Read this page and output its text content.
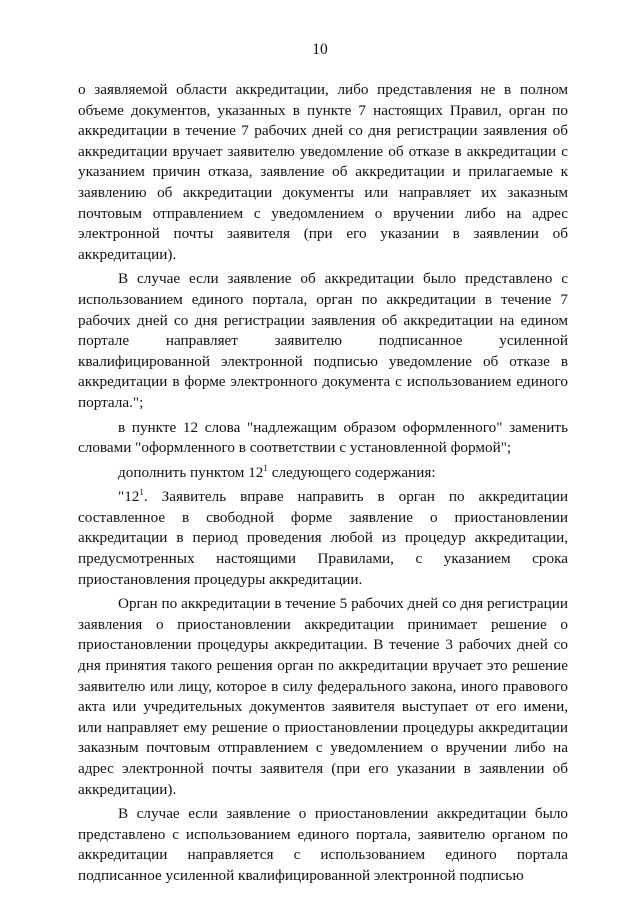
10

о заявляемой области аккредитации, либо представления не в полном объеме документов, указанных в пункте 7 настоящих Правил, орган по аккредитации в течение 7 рабочих дней со дня регистрации заявления об аккредитации вручает заявителю уведомление об отказе в аккредитации с указанием причин отказа, заявление об аккредитации и прилагаемые к заявлению об аккредитации документы или направляет их заказным почтовым отправлением с уведомлением о вручении либо на адрес электронной почты заявителя (при его указании в заявлении об аккредитации).

В случае если заявление об аккредитации было представлено с использованием единого портала, орган по аккредитации в течение 7 рабочих дней со дня регистрации заявления об аккредитации на едином портале направляет заявителю подписанное усиленной квалифицированной электронной подписью уведомление об отказе в аккредитации в форме электронного документа с использованием единого портала.";

в пункте 12 слова "надлежащим образом оформленного" заменить словами "оформленного в соответствии с установленной формой";

дополнить пунктом $12^1$ следующего содержания:

"$12^1$. Заявитель вправе направить в орган по аккредитации составленное в свободной форме заявление о приостановлении аккредитации в период проведения любой из процедур аккредитации, предусмотренных настоящими Правилами, с указанием срока приостановления процедуры аккредитации.

Орган по аккредитации в течение 5 рабочих дней со дня регистрации заявления о приостановлении аккредитации принимает решение о приостановлении процедуры аккредитации. В течение 3 рабочих дней со дня принятия такого решения орган по аккредитации вручает это решение заявителю или лицу, которое в силу федерального закона, иного правового акта или учредительных документов заявителя выступает от его имени, или направляет ему решение о приостановлении процедуры аккредитации заказным почтовым отправлением с уведомлением о вручении либо на адрес электронной почты заявителя (при его указании в заявлении об аккредитации).

В случае если заявление о приостановлении аккредитации было представлено с использованием единого портала, заявителю органом по аккредитации направляется с использованием единого портала подписанное усиленной квалифицированной электронной подписью
